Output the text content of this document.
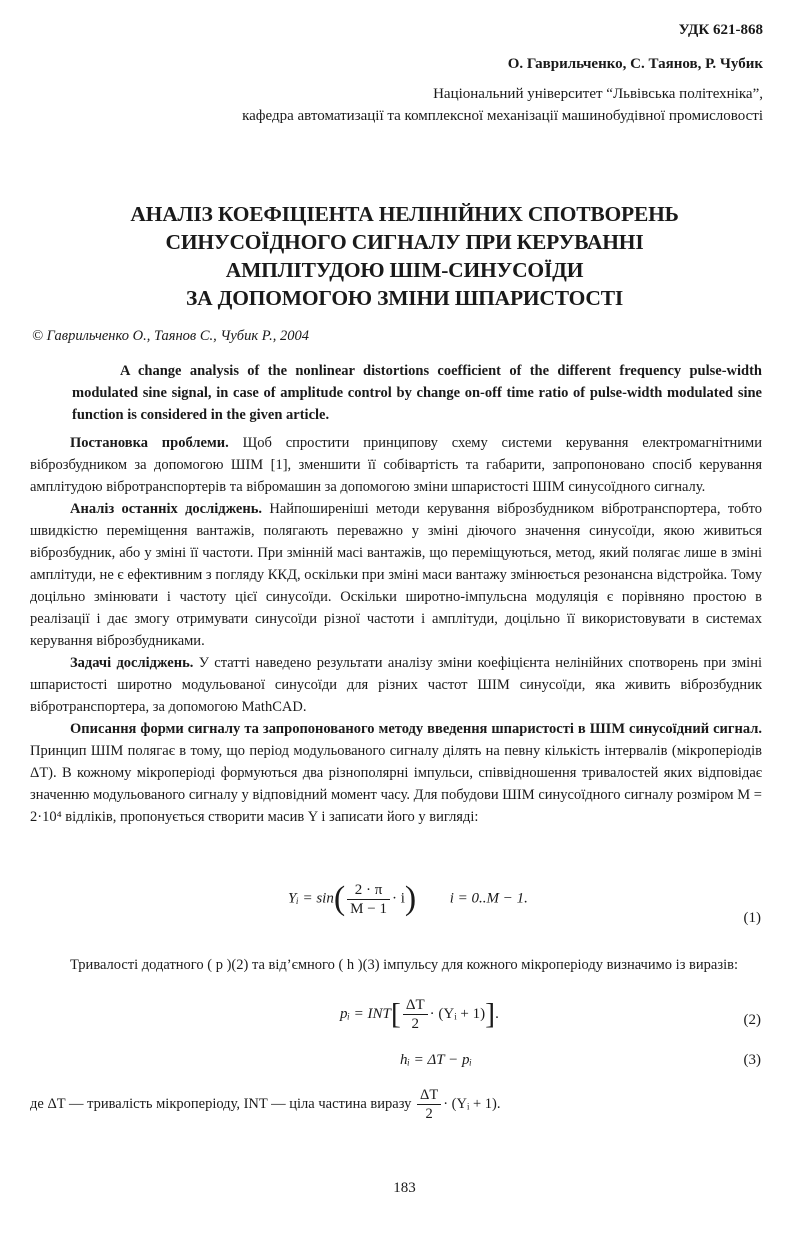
УДК 621-868
О. Гаврильченко, С. Таянов, Р. Чубик
Національний університет “Львівська політехніка”,
кафедра автоматизації та комплексної механізації машинобудівної промисловості
АНАЛІЗ КОЕФІЦІЕНТА НЕЛІНІЙНИХ СПОТВОРЕНЬ
СИНУСОЇДНОГО СИГНАЛУ ПРИ КЕРУВАННІ
АМПЛІТУДОЮ ШІМ-СИНУСОЇДИ
ЗА ДОПОМОГОЮ ЗМІНИ ШПАРИСТОСТІ
© Гаврильченко О., Таянов С., Чубик Р., 2004
A change analysis of the nonlinear distortions coefficient of the different frequency pulse-width modulated sine signal, in case of amplitude control by change on-off time ratio of pulse-width modulated sine function is considered in the given article.

Постановка проблеми. Щоб спростити принципову схему системи керування електромагнітними віброзбудником за допомогою ШІМ [1], зменшити її собівартість та габарити, запропоновано спосіб керування амплітудою вібротранспортерів та вібромашин за допомогою зміни шпаристості ШІМ синусоїдного сигналу.

Аналіз останніх досліджень. Найпоширеніші методи керування віброзбудником вібротранспортера, тобто швидкістю переміщення вантажів, полягають переважно у зміні діючого значення синусоїди, якою живиться віброзбудник, або у зміні її частоти. При змінній масі вантажів, що переміщуються, метод, який полягає лише в зміні амплітуди, не є ефективним з погляду ККД, оскільки при зміні маси вантажу змінюється резонансна відстройка. Тому доцільно змінювати і частоту цієї синусоїди. Оскільки широтно-імпульсна модуляція є порівняно простою в реалізації і дає змогу отримувати синусоїди різної частоти і амплітуди, доцільно її використовувати в системах керування віброзбудниками.

Задачі досліджень. У статті наведено результати аналізу зміни коефіцієнта нелінійних спотворень при зміні шпаристості широтно модульованої синусоїди для різних частот ШІМ синусоїди, яка живить віброзбудник вібротранспортера, за допомогою MathCAD.

Описання форми сигналу та запропонованого методу введення шпаристості в ШІМ синусоїдний сигнал. Принцип ШІМ полягає в тому, що період модульованого сигналу ділять на певну кількість інтервалів (мікроперіодів ΔT). В кожному мікроперіоді формуються два різнополярні імпульси, співвідношення тривалостей яких відповідає значенню модульованого сигналу у відповідний момент часу. Для побудови ШІМ синусоїдного сигналу розміром M = 2·10⁴ відліків, пропонується створити масив Y і записати його у вигляді:

Yᵢ = $\sin( \frac{2 \cdot \pi}{M - 1} \cdot i)$ i = 0..M − 1.
(1)
Тривалості додатного ( p )(2) та від’ємного ( h )(3) імпульсу для кожного мікроперіоду визначимо із виразів:
pᵢ = $INT[ \frac{\Delta T}{2}$ · (Yᵢ + 1)].	(2)
hᵢ = ΔT − pᵢ	(3)
де ΔT — тривалість мікроперіоду, INT — ціла частина виразу $\frac{\Delta T}{2}$ · (Yᵢ + 1).
183
